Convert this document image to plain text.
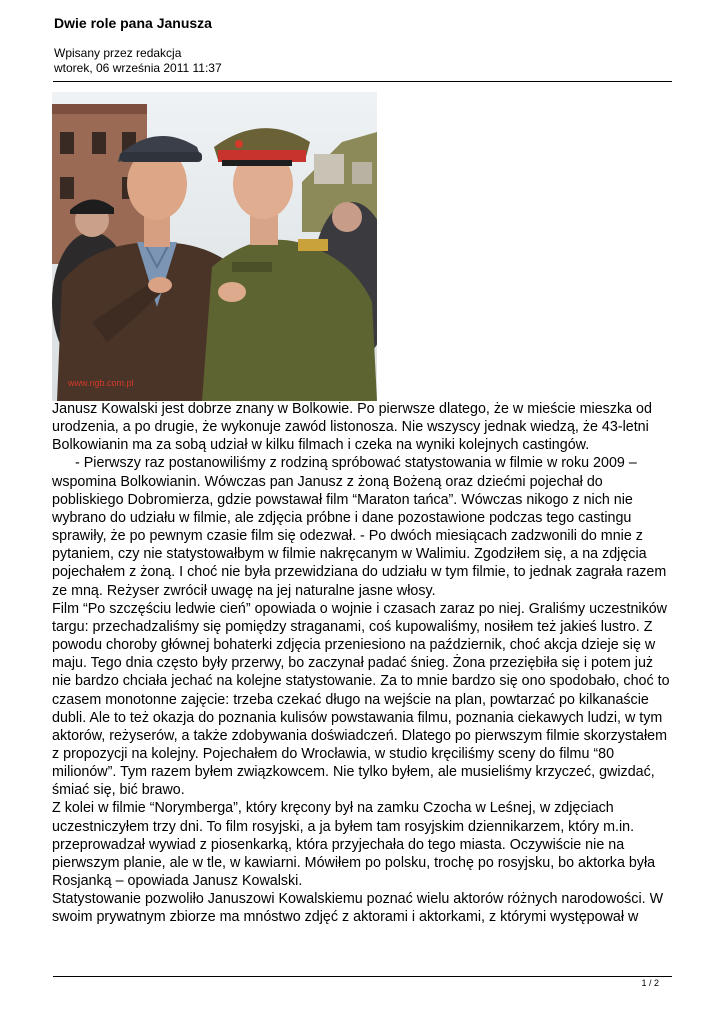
Dwie role pana Janusza
Wpisany przez redakcja
wtorek, 06 września 2011 11:37
www.ngb.com.pl

Janusz Kowalski jest dobrze znany w Bolkowie. Po pierwsze dlatego, że w mieście mieszka od urodzenia, a po drugie, że wykonuje zawód listonosza. Nie wszyscy jednak wiedzą, że 43-letni Bolkowianin ma za sobą udział w kilku filmach i czeka na wyniki kolejnych castingów.

- Pierwszy raz postanowiliśmy z rodziną spróbować statystowania w filmie w roku 2009 – wspomina Bolkowianin. Wówczas pan Janusz z żoną Bożeną oraz dziećmi pojechał do pobliskiego Dobromierza, gdzie powstawał film “Maraton tańca”. Wówczas nikogo z nich nie wybrano do udziału w filmie, ale zdjęcia próbne i dane pozostawione podczas tego castingu sprawiły, że po pewnym czasie film się odezwał. - Po dwóch miesiącach zadzwonili do mnie z pytaniem, czy nie statystowałbym w filmie nakręcanym w Walimiu. Zgodziłem się, a na zdjęcia pojechałem z żoną. I choć nie była przewidziana do udziału w tym filmie, to jednak zagrała razem ze mną. Reżyser zwrócił uwagę na jej naturalne jasne włosy.

Film “Po szczęściu ledwie cień” opowiada o wojnie i czasach zaraz po niej. Graliśmy uczestników targu: przechadzaliśmy się pomiędzy straganami, coś kupowaliśmy, nosiłem też jakieś lustro. Z powodu choroby głównej bohaterki zdjęcia przeniesiono na październik, choć akcja dzieje się w maju. Tego dnia często były przerwy, bo zaczynał padać śnieg. Żona przeziębiła się i potem już nie bardzo chciała jechać na kolejne statystowanie. Za to mnie bardzo się ono spodobało, choć to czasem monotonne zajęcie: trzeba czekać długo na wejście na plan, powtarzać po kilkanaście dubli. Ale to też okazja do poznania kulisów powstawania filmu, poznania ciekawych ludzi, w tym aktorów, reżyserów, a także zdobywania doświadczeń. Dlatego po pierwszym filmie skorzystałem z propozycji na kolejny. Pojechałem do Wrocławia, w studio kręciliśmy sceny do filmu “80 milionów”. Tym razem byłem związkowcem. Nie tylko byłem, ale musieliśmy krzyczeć, gwizdać, śmiać się, bić brawo.

Z kolei w filmie “Norymberga”, który kręcony był na zamku Czocha w Leśnej, w zdjęciach uczestniczyłem trzy dni. To film rosyjski, a ja byłem tam rosyjskim dziennikarzem, który m.in. przeprowadzał wywiad z piosenkarką, która przyjechała do tego miasta. Oczywiście nie na pierwszym planie, ale w tle, w kawiarni. Mówiłem po polsku, trochę po rosyjsku, bo aktorka była Rosjanką – opowiada Janusz Kowalski.

Statystowanie pozwoliło Januszowi Kowalskiemu poznać wielu aktorów różnych narodowości. W swoim prywatnym zbiorze ma mnóstwo zdjęć z aktorami i aktorkami, z którymi występował w

1 / 2
